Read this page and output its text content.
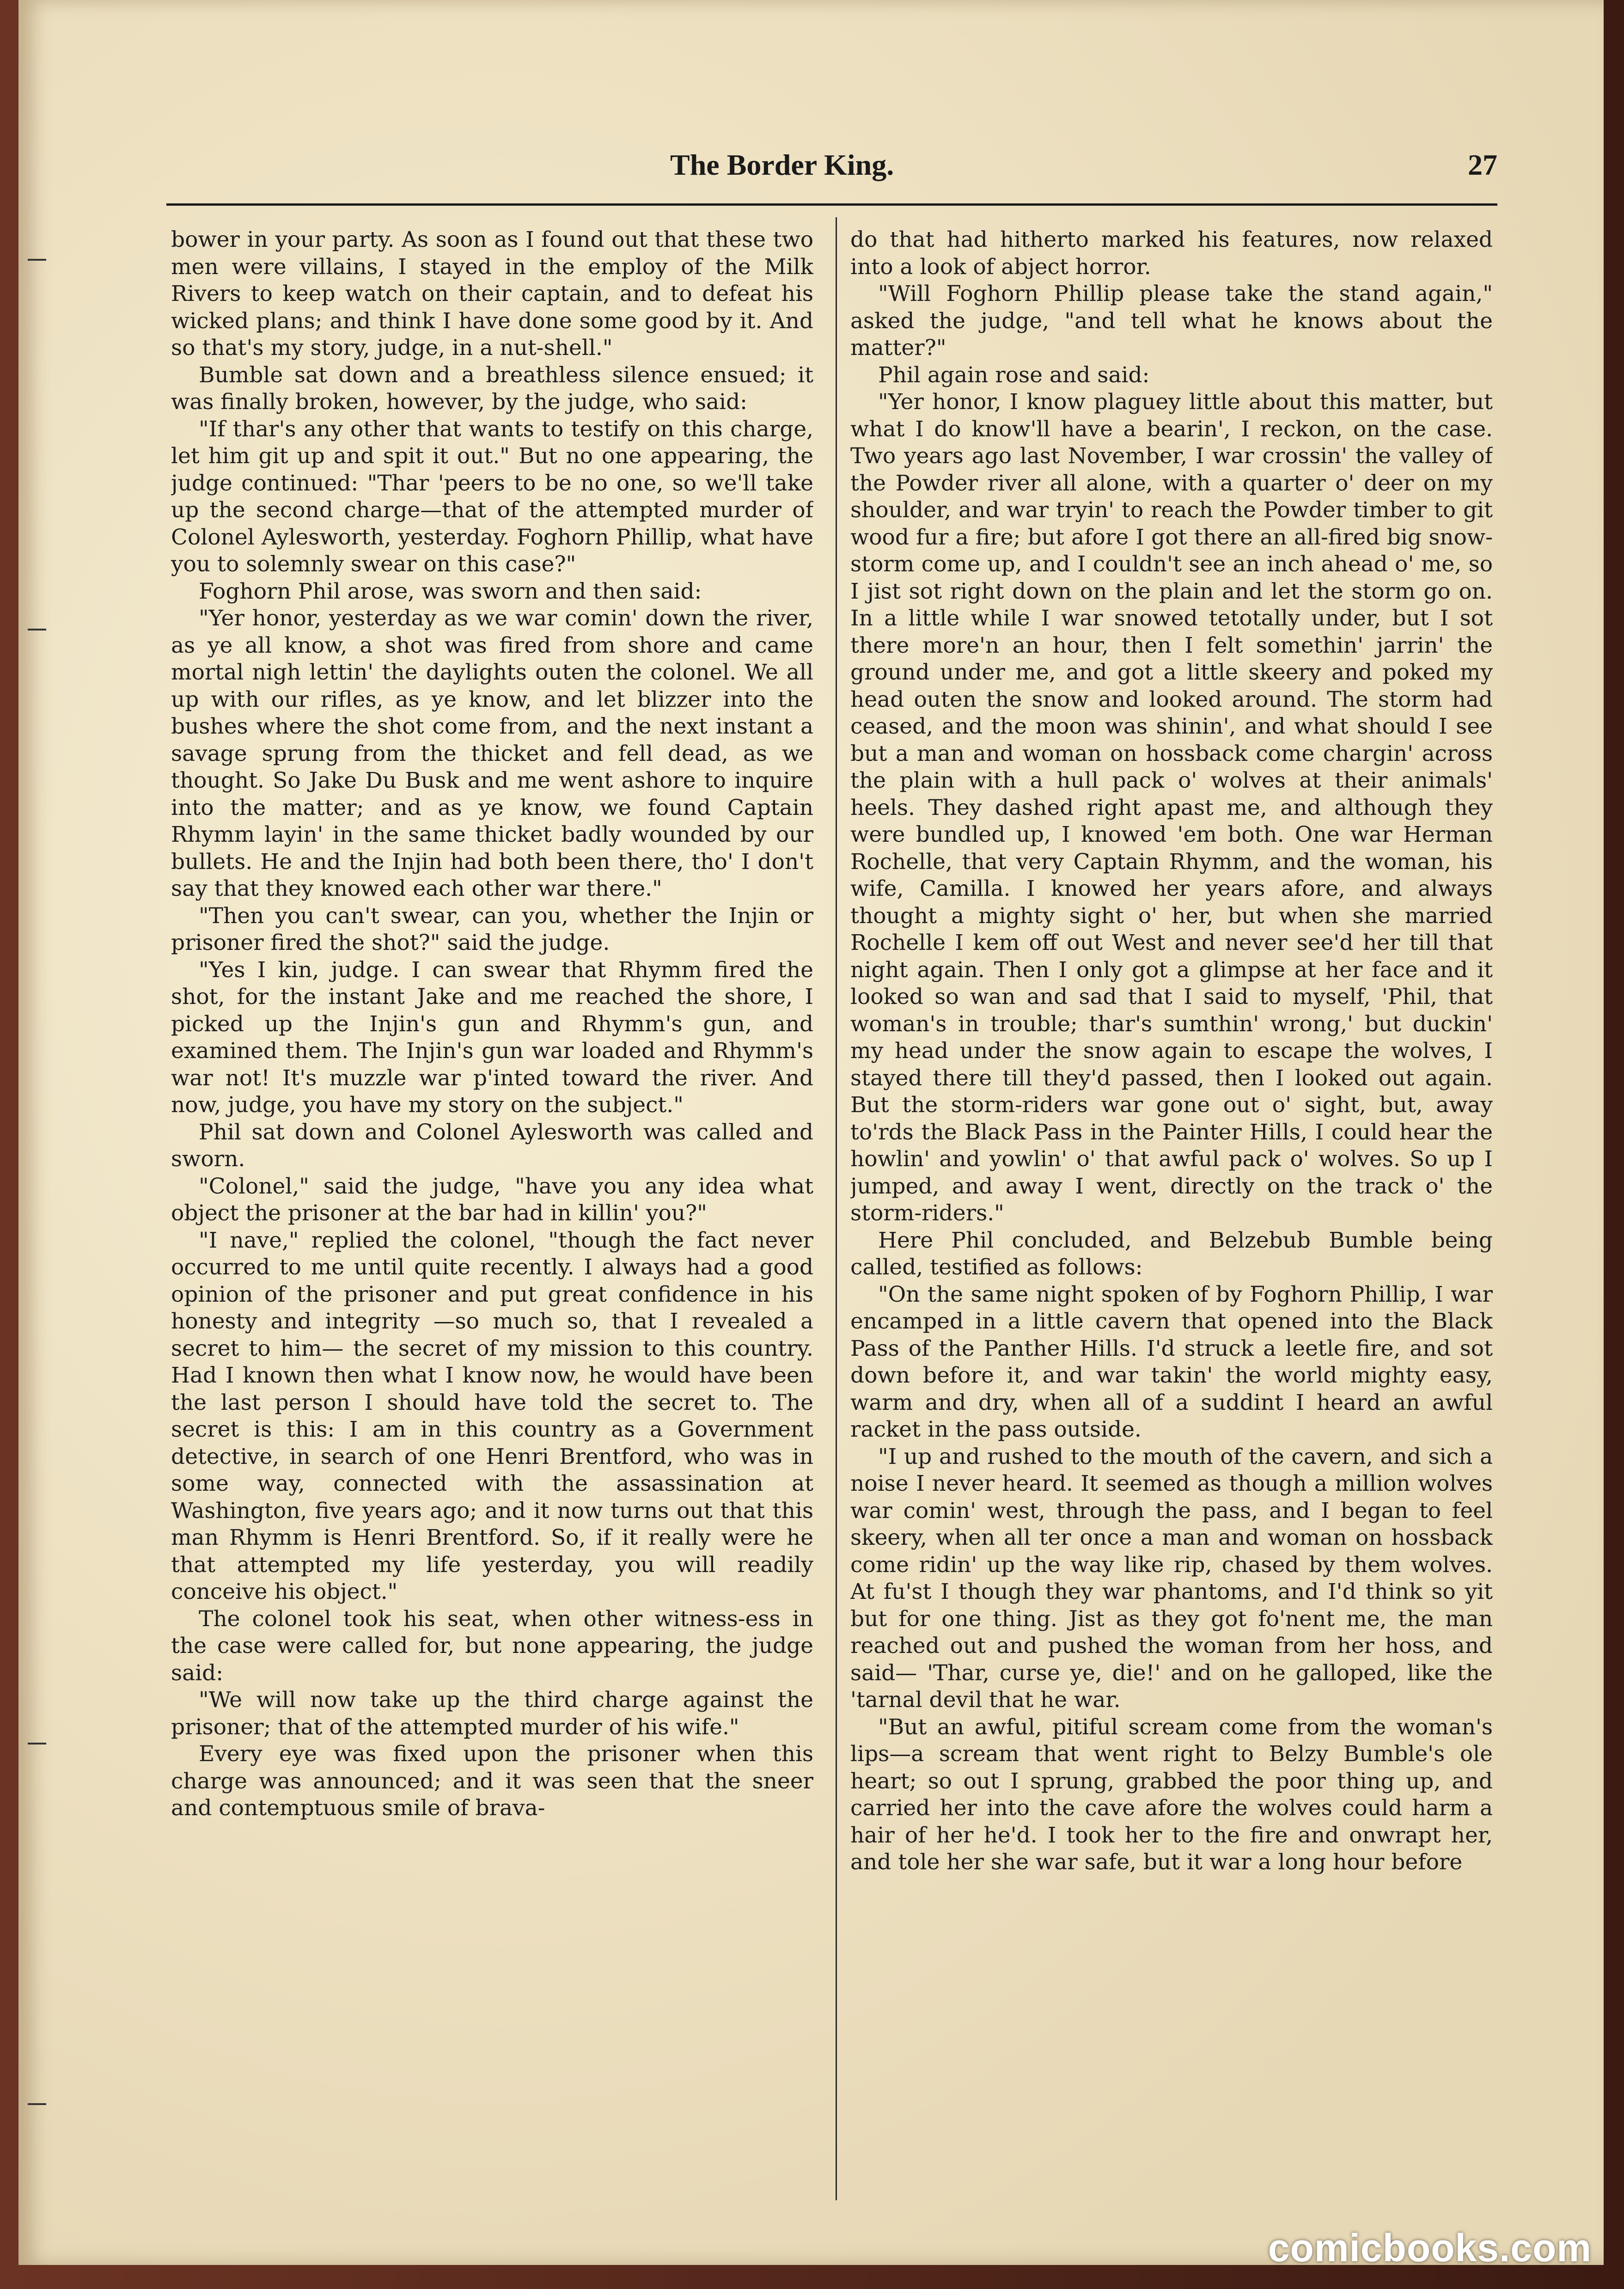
The Border King.	27

bower in your party. As soon as I found out that these two men were villains, I stayed in the employ of the Milk Rivers to keep watch on their captain, and to defeat his wicked plans; and think I have done some good by it. And so that's my story, judge, in a nut-shell."

Bumble sat down and a breathless silence ensued; it was finally broken, however, by the judge, who said:

"If thar's any other that wants to testify on this charge, let him git up and spit it out." But no one appearing, the judge continued: "Thar 'peers to be no one, so we'll take up the second charge—that of the attempted murder of Colonel Aylesworth, yesterday. Foghorn Phillip, what have you to solemnly swear on this case?"

Foghorn Phil arose, was sworn and then said:

"Yer honor, yesterday as we war comin' down the river, as ye all know, a shot was fired from shore and came mortal nigh lettin' the daylights outen the colonel. We all up with our rifles, as ye know, and let blizzer into the bushes where the shot come from, and the next instant a savage sprung from the thicket and fell dead, as we thought. So Jake Du Busk and me went ashore to inquire into the matter; and as ye know, we found Captain Rhymm layin' in the same thicket badly wounded by our bullets. He and the Injin had both been there, tho' I don't say that they knowed each other war there."

"Then you can't swear, can you, whether the Injin or prisoner fired the shot?" said the judge.

"Yes I kin, judge. I can swear that Rhymm fired the shot, for the instant Jake and me reached the shore, I picked up the Injin's gun and Rhymm's gun, and examined them. The Injin's gun war loaded and Rhymm's war not! It's muzzle war p'inted toward the river. And now, judge, you have my story on the subject."

Phil sat down and Colonel Aylesworth was called and sworn.

"Colonel," said the judge, "have you any idea what object the prisoner at the bar had in killin' you?"

"I nave," replied the colonel, "though the fact never occurred to me until quite recently. I always had a good opinion of the prisoner and put great confidence in his honesty and integrity —so much so, that I revealed a secret to him— the secret of my mission to this country. Had I known then what I know now, he would have been the last person I should have told the secret to. The secret is this: I am in this country as a Government detective, in search of one Henri Brentford, who was in some way, connected with the assassination at Washington, five years ago; and it now turns out that this man Rhymm is Henri Brentford. So, if it really were he that attempted my life yesterday, you will readily conceive his object."

The colonel took his seat, when other witness-ess in the case were called for, but none appearing, the judge said:

"We will now take up the third charge against the prisoner; that of the attempted murder of his wife."

Every eye was fixed upon the prisoner when this charge was announced; and it was seen that the sneer and contemptuous smile of brava-

do that had hitherto marked his features, now relaxed into a look of abject horror.

"Will Foghorn Phillip please take the stand again," asked the judge, "and tell what he knows about the matter?"

Phil again rose and said:

"Yer honor, I know plaguey little about this matter, but what I do know'll have a bearin', I reckon, on the case. Two years ago last November, I war crossin' the valley of the Powder river all alone, with a quarter o' deer on my shoulder, and war tryin' to reach the Powder timber to git wood fur a fire; but afore I got there an all-fired big snow-storm come up, and I couldn't see an inch ahead o' me, so I jist sot right down on the plain and let the storm go on. In a little while I war snowed tetotally under, but I sot there more'n an hour, then I felt somethin' jarrin' the ground under me, and got a little skeery and poked my head outen the snow and looked around. The storm had ceased, and the moon was shinin', and what should I see but a man and woman on hossback come chargin' across the plain with a hull pack o' wolves at their animals' heels. They dashed right apast me, and although they were bundled up, I knowed 'em both. One war Herman Rochelle, that very Captain Rhymm, and the woman, his wife, Camilla. I knowed her years afore, and always thought a mighty sight o' her, but when she married Rochelle I kem off out West and never see'd her till that night again. Then I only got a glimpse at her face and it looked so wan and sad that I said to myself, 'Phil, that woman's in trouble; thar's sumthin' wrong,' but duckin' my head under the snow again to escape the wolves, I stayed there till they'd passed, then I looked out again. But the storm-riders war gone out o' sight, but, away to'rds the Black Pass in the Painter Hills, I could hear the howlin' and yowlin' o' that awful pack o' wolves. So up I jumped, and away I went, directly on the track o' the storm-riders."

Here Phil concluded, and Belzebub Bumble being called, testified as follows:

"On the same night spoken of by Foghorn Phillip, I war encamped in a little cavern that opened into the Black Pass of the Panther Hills. I'd struck a leetle fire, and sot down before it, and war takin' the world mighty easy, warm and dry, when all of a suddint I heard an awful racket in the pass outside.

"I up and rushed to the mouth of the cavern, and sich a noise I never heard. It seemed as though a million wolves war comin' west, through the pass, and I began to feel skeery, when all ter once a man and woman on hossback come ridin' up the way like rip, chased by them wolves. At fu'st I though they war phantoms, and I'd think so yit but for one thing. Jist as they got fo'nent me, the man reached out and pushed the woman from her hoss, and said— 'Thar, curse ye, die!' and on he galloped, like the 'tarnal devil that he war.

"But an awful, pitiful scream come from the woman's lips—a scream that went right to Belzy Bumble's ole heart; so out I sprung, grabbed the poor thing up, and carried her into the cave afore the wolves could harm a hair of her he'd. I took her to the fire and onwrapt her, and tole her she war safe, but it war a long hour before

comicbooks.com
